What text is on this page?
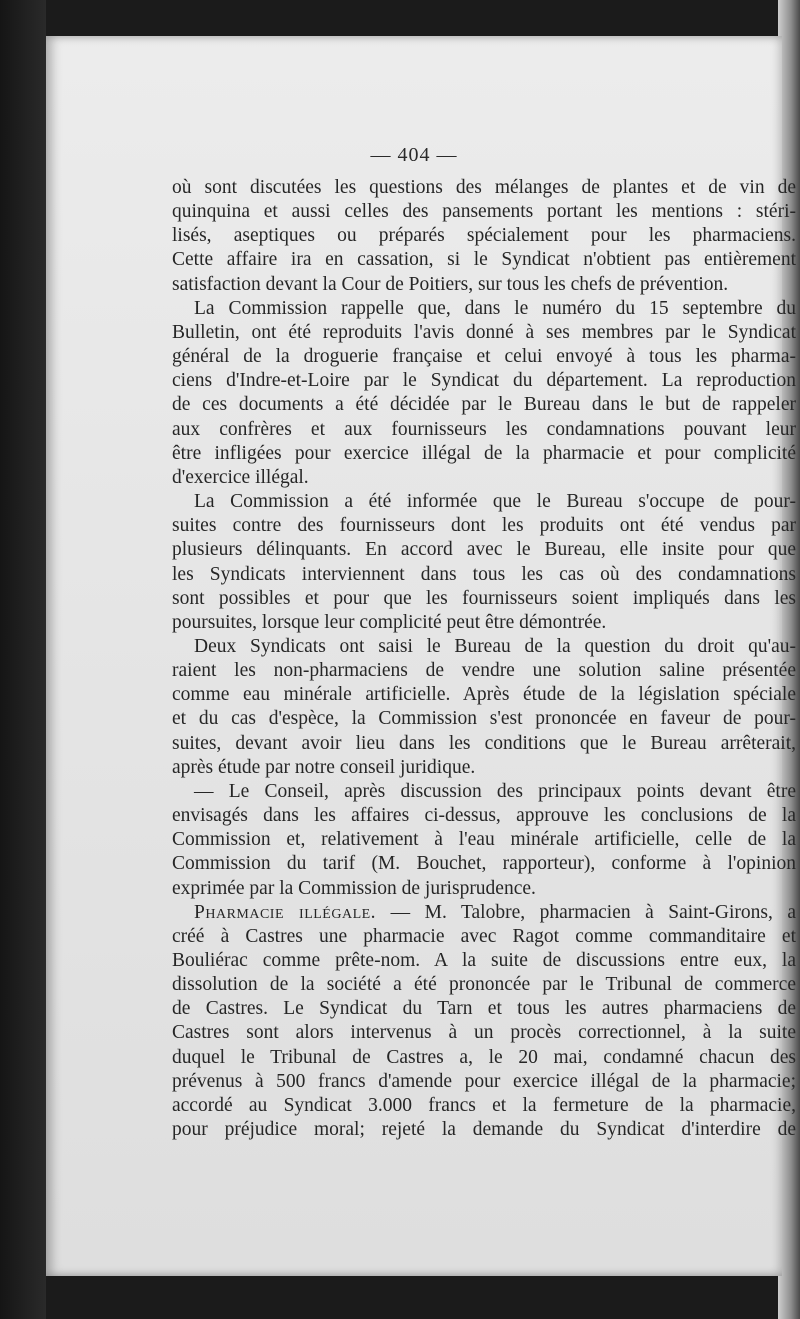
— 404 —

où sont discutées les questions des mélanges de plantes et de vin de
quinquina et aussi celles des pansements portant les mentions : stéri-
lisés, aseptiques ou préparés spécialement pour les pharmaciens.
Cette affaire ira en cassation, si le Syndicat n'obtient pas entièrement
satisfaction devant la Cour de Poitiers, sur tous les chefs de prévention.

La Commission rappelle que, dans le numéro du 15 septembre du
Bulletin, ont été reproduits l'avis donné à ses membres par le Syndicat
général de la droguerie française et celui envoyé à tous les pharma-
ciens d'Indre-et-Loire par le Syndicat du département. La reproduction
de ces documents a été décidée par le Bureau dans le but de rappeler
aux confrères et aux fournisseurs les condamnations pouvant leur
être infligées pour exercice illégal de la pharmacie et pour complicité
d'exercice illégal.

La Commission a été informée que le Bureau s'occupe de pour-
suites contre des fournisseurs dont les produits ont été vendus par
plusieurs délinquants. En accord avec le Bureau, elle insite pour que
les Syndicats interviennent dans tous les cas où des condamnations
sont possibles et pour que les fournisseurs soient impliqués dans les
poursuites, lorsque leur complicité peut être démontrée.

Deux Syndicats ont saisi le Bureau de la question du droit qu'au-
raient les non-pharmaciens de vendre une solution saline présentée
comme eau minérale artificielle. Après étude de la législation spéciale
et du cas d'espèce, la Commission s'est prononcée en faveur de pour-
suites, devant avoir lieu dans les conditions que le Bureau arrêterait,
après étude par notre conseil juridique.

— Le Conseil, après discussion des principaux points devant être
envisagés dans les affaires ci-dessus, approuve les conclusions de la
Commission et, relativement à l'eau minérale artificielle, celle de la
Commission du tarif (M. Bouchet, rapporteur), conforme à l'opinion
exprimée par la Commission de jurisprudence.

Pharmacie illégale. — M. Talobre, pharmacien à Saint-Girons, a
créé à Castres une pharmacie avec Ragot comme commanditaire et
Bouliérac comme prête-nom. A la suite de discussions entre eux, la
dissolution de la société a été prononcée par le Tribunal de commerce
de Castres. Le Syndicat du Tarn et tous les autres pharmaciens de
Castres sont alors intervenus à un procès correctionnel, à la suite
duquel le Tribunal de Castres a, le 20 mai, condamné chacun des
prévenus à 500 francs d'amende pour exercice illégal de la pharmacie;
accordé au Syndicat 3.000 francs et la fermeture de la pharmacie,
pour préjudice moral; rejeté la demande du Syndicat d'interdire de
